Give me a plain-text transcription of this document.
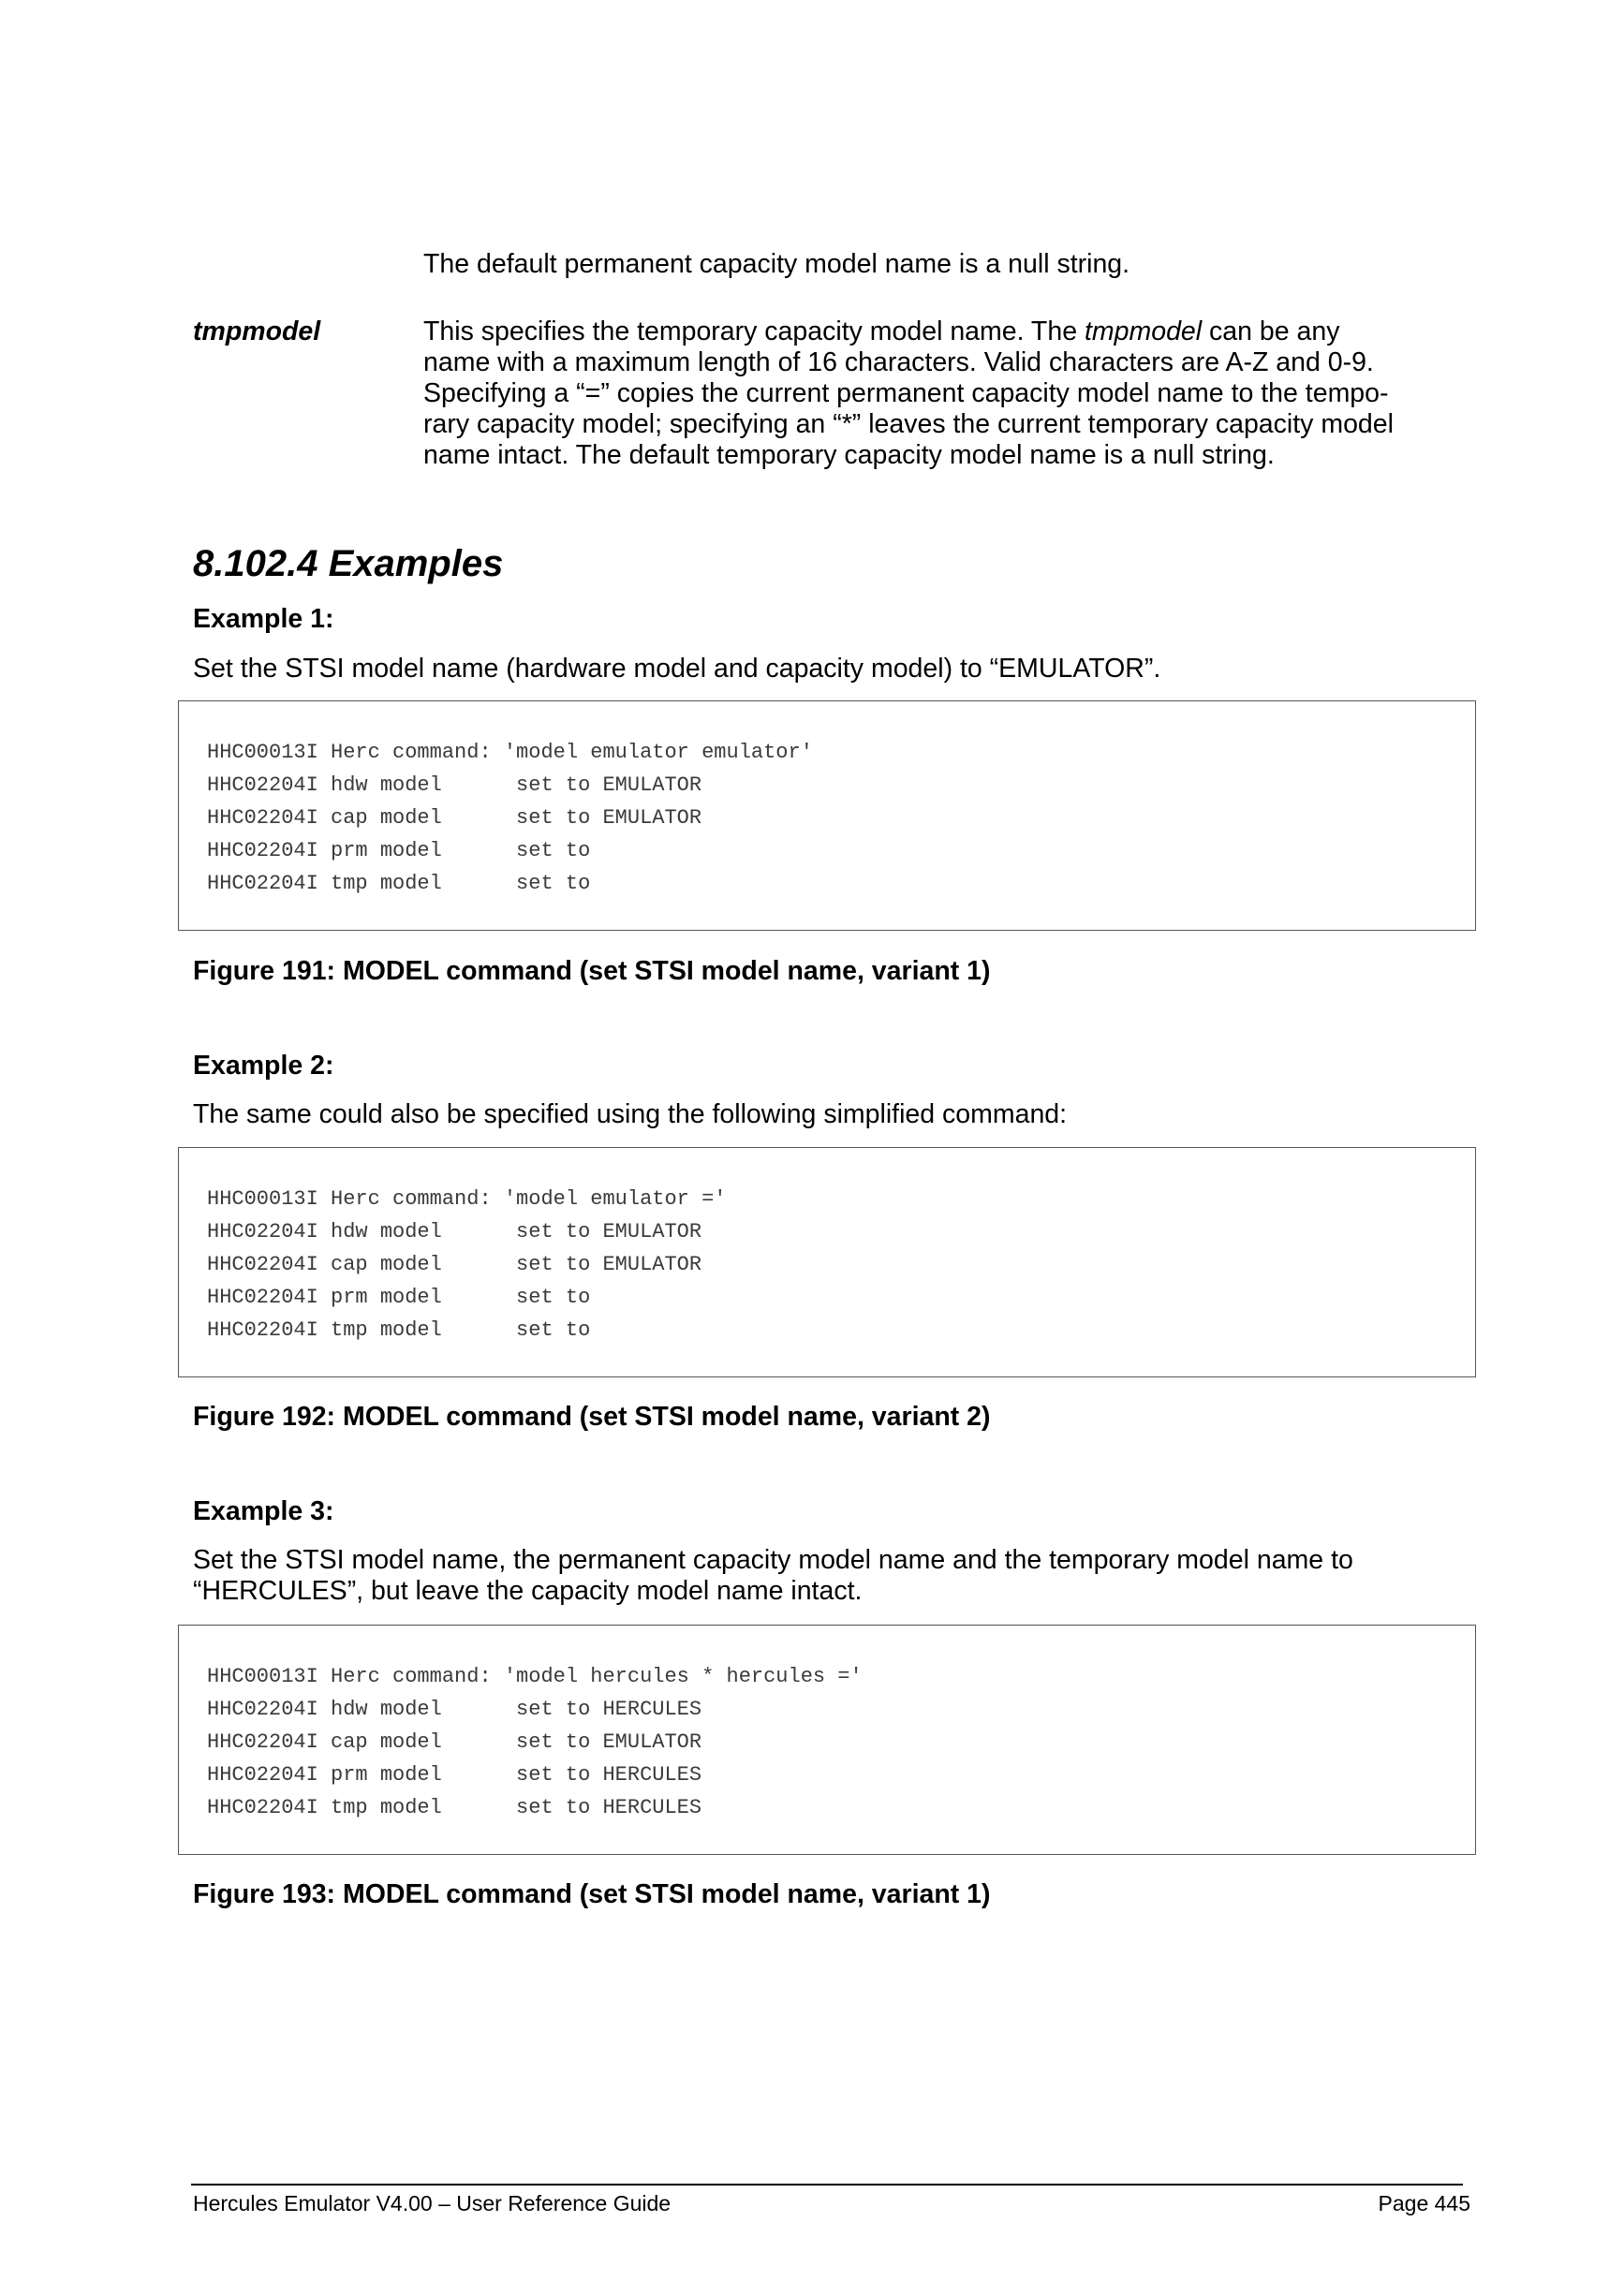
The default permanent capacity model name is a null string.
tmpmodel	This specifies the temporary capacity model name. The tmpmodel can be any
name with a maximum length of 16 characters. Valid characters are A-Z and 0-9.
Specifying a “=” copies the current permanent capacity model name to the tempo-
rary capacity model; specifying an “*” leaves the current temporary capacity model
name intact. The default temporary capacity model name is a null string.
8.102.4 Examples
Example 1:
Set the STSI model name (hardware model and capacity model) to “EMULATOR”.
HHC00013I Herc command: 'model emulator emulator'
HHC02204I hdw model      set to EMULATOR
HHC02204I cap model      set to EMULATOR
HHC02204I prm model      set to
HHC02204I tmp model      set to
Figure 191: MODEL command (set STSI model name, variant 1)
Example 2:
The same could also be specified using the following simplified command:
HHC00013I Herc command: 'model emulator ='
HHC02204I hdw model      set to EMULATOR
HHC02204I cap model      set to EMULATOR
HHC02204I prm model      set to
HHC02204I tmp model      set to
Figure 192: MODEL command (set STSI model name, variant 2)
Example 3:
Set the STSI model name, the permanent capacity model name and the temporary model name to
“HERCULES”, but leave the capacity model name intact.
HHC00013I Herc command: 'model hercules * hercules ='
HHC02204I hdw model      set to HERCULES
HHC02204I cap model      set to EMULATOR
HHC02204I prm model      set to HERCULES
HHC02204I tmp model      set to HERCULES
Figure 193: MODEL command (set STSI model name, variant 1)
Hercules Emulator V4.00 – User Reference Guide	Page 445
